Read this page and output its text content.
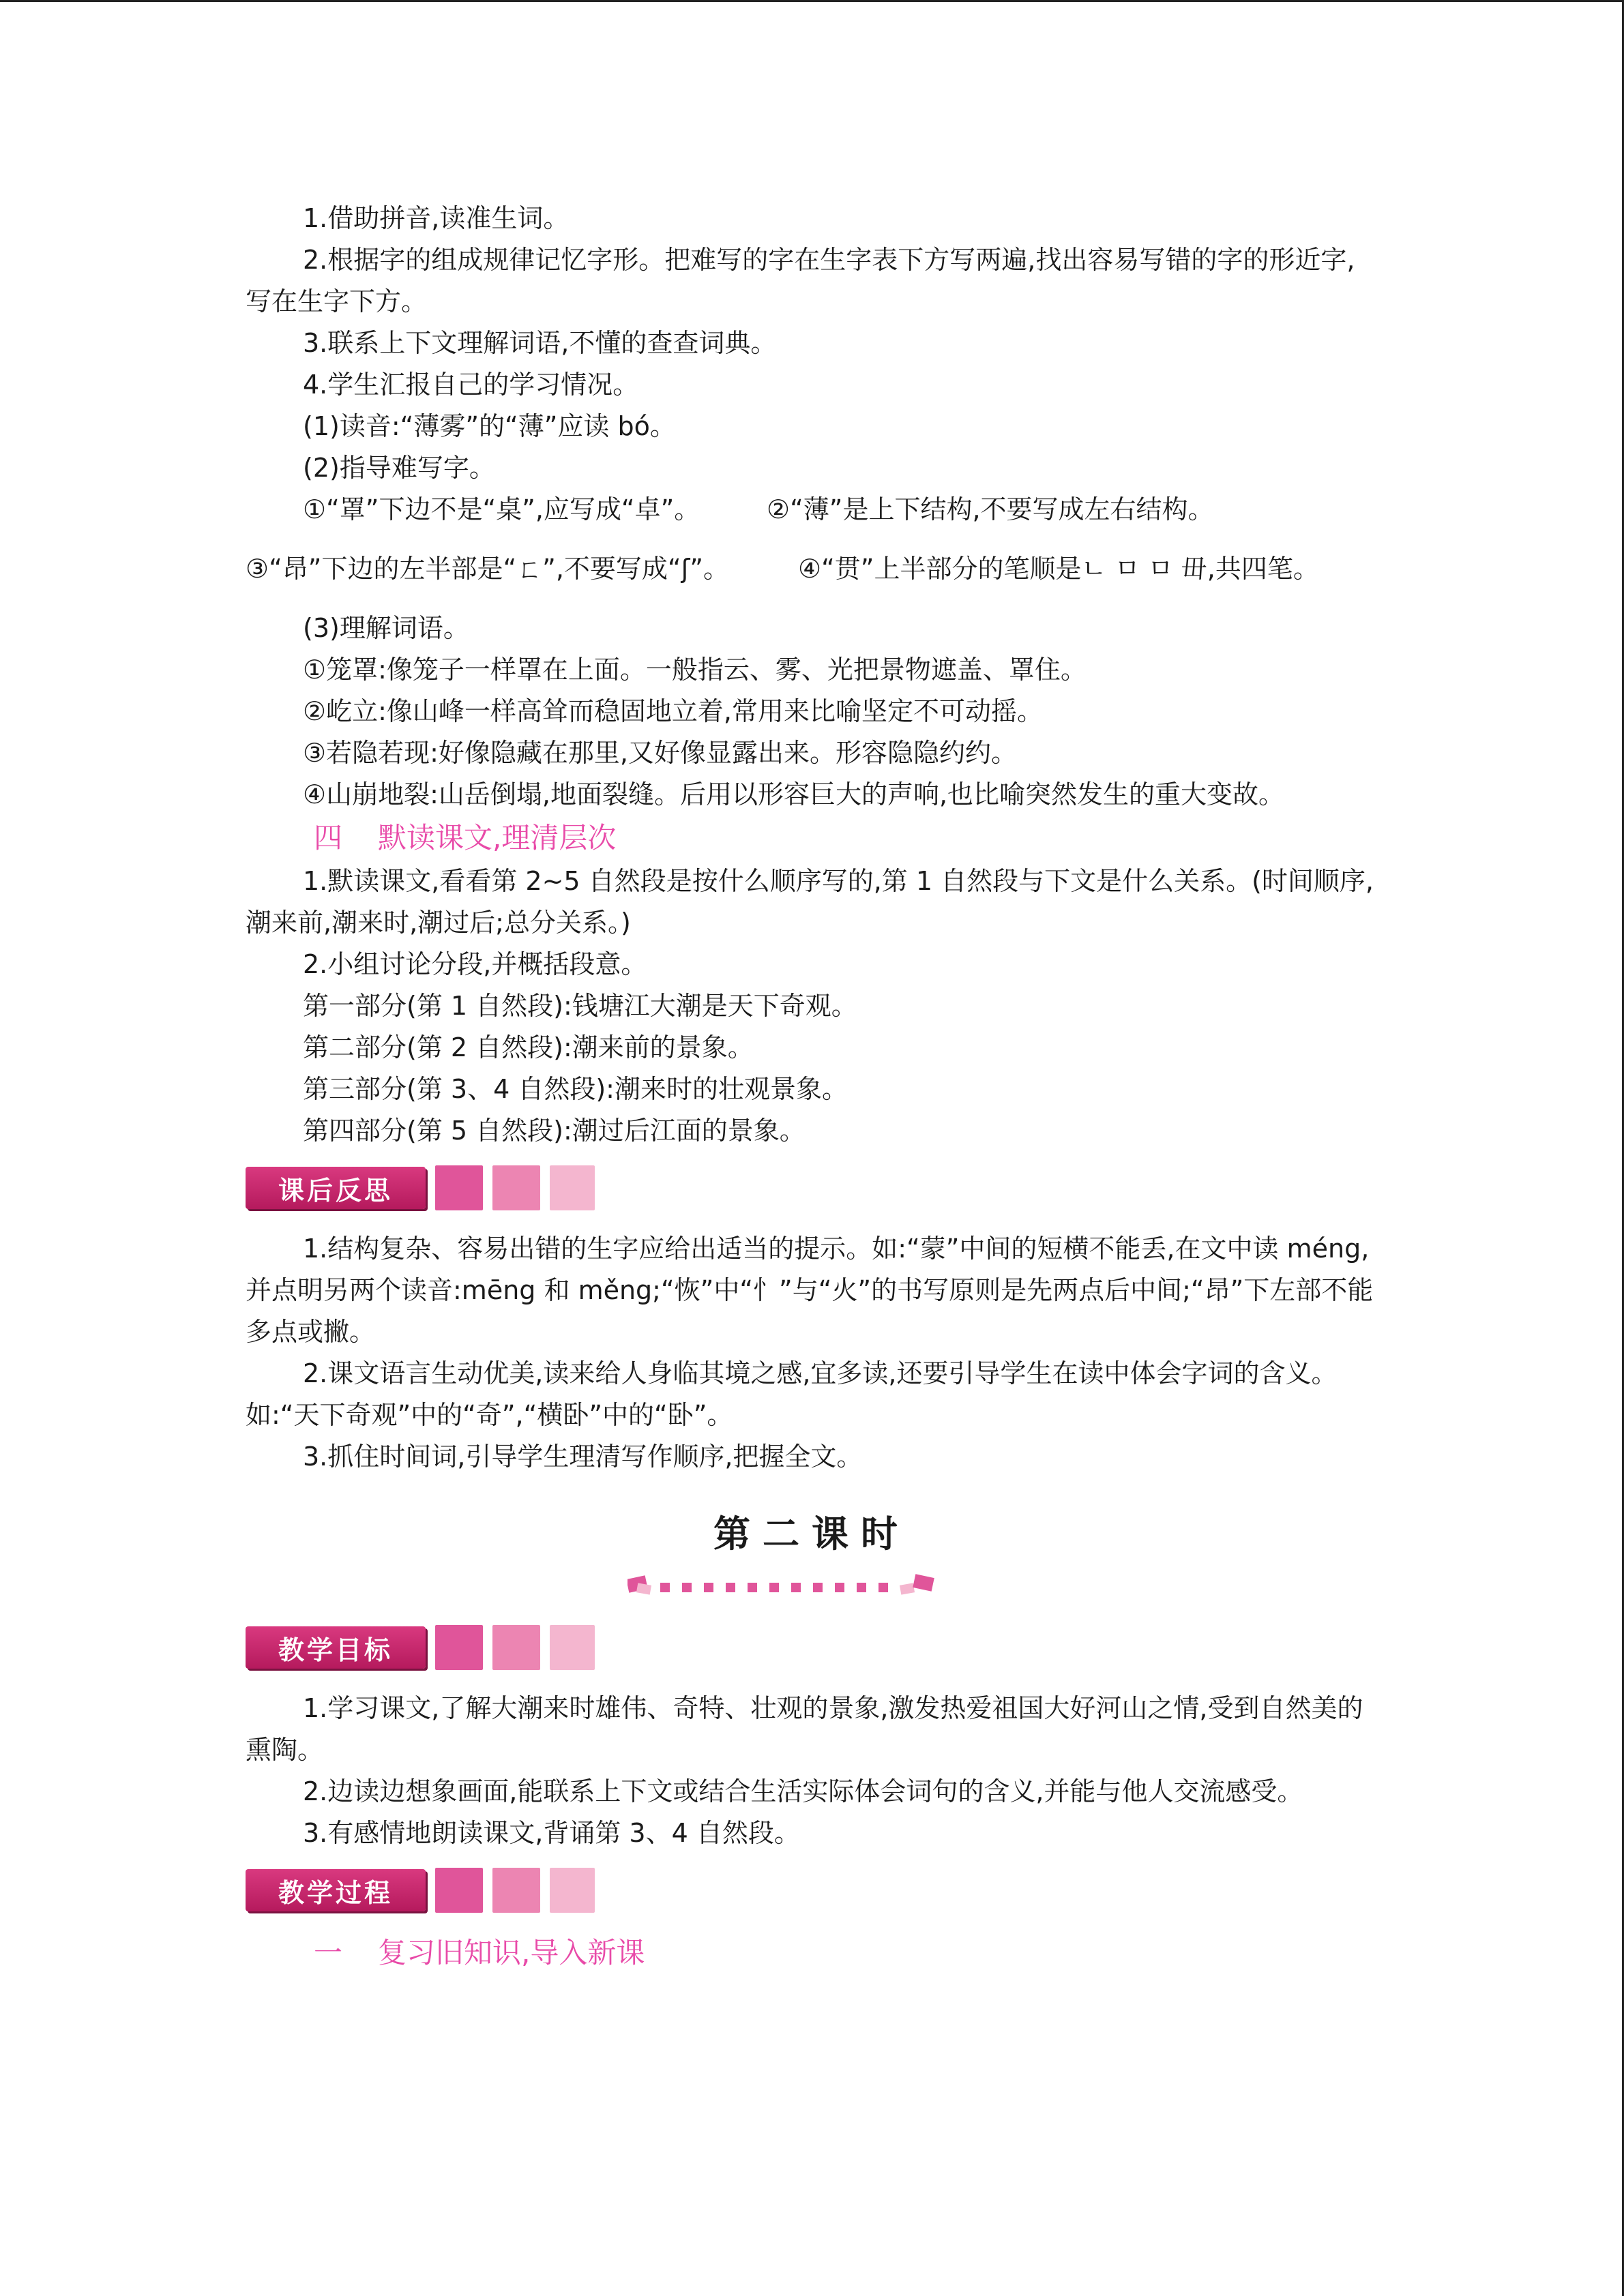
1.借助拼音,读准生词。

2.根据字的组成规律记忆字形。把难写的字在生字表下方写两遍,找出容易写错的字的形近字,写在生字下方。

3.联系上下文理解词语,不懂的查查词典。

4.学生汇报自己的学习情况。

(1)读音:“薄雾”的“薄”应读 bó。

(2)指导难写字。

①“罩”下边不是“桌”,应写成“卓”。	②“薄”是上下结构,不要写成左右结构。
③“昂”下边的左半部是“ㄈ”,不要写成“ʃ”。	④“贯”上半部分的笔顺是ㄴ ㅁ ㅁ 毌,共四笔。

(3)理解词语。

①笼罩:像笼子一样罩在上面。一般指云、雾、光把景物遮盖、罩住。

②屹立:像山峰一样高耸而稳固地立着,常用来比喻坚定不可动摇。

③若隐若现:好像隐藏在那里,又好像显露出来。形容隐隐约约。

④山崩地裂:山岳倒塌,地面裂缝。后用以形容巨大的声响,也比喻突然发生的重大变故。

四 默读课文,理清层次

1.默读课文,看看第 2~5 自然段是按什么顺序写的,第 1 自然段与下文是什么关系。(时间顺序,潮来前,潮来时,潮过后;总分关系。)

2.小组讨论分段,并概括段意。

第一部分(第 1 自然段):钱塘江大潮是天下奇观。

第二部分(第 2 自然段):潮来前的景象。

第三部分(第 3、4 自然段):潮来时的壮观景象。

第四部分(第 5 自然段):潮过后江面的景象。

课后反思

1.结构复杂、容易出错的生字应给出适当的提示。如:“蒙”中间的短横不能丢,在文中读 méng,并点明另两个读音:mēng 和 měng;“恢”中“忄”与“火”的书写原则是先两点后中间;“昂”下左部不能多点或撇。

2.课文语言生动优美,读来给人身临其境之感,宜多读,还要引导学生在读中体会字词的含义。如:“天下奇观”中的“奇”,“横卧”中的“卧”。

3.抓住时间词,引导学生理清写作顺序,把握全文。

第二课时
教学目标

1.学习课文,了解大潮来时雄伟、奇特、壮观的景象,激发热爱祖国大好河山之情,受到自然美的熏陶。

2.边读边想象画面,能联系上下文或结合生活实际体会词句的含义,并能与他人交流感受。

3.有感情地朗读课文,背诵第 3、4 自然段。

教学过程
一 复习旧知识,导入新课
